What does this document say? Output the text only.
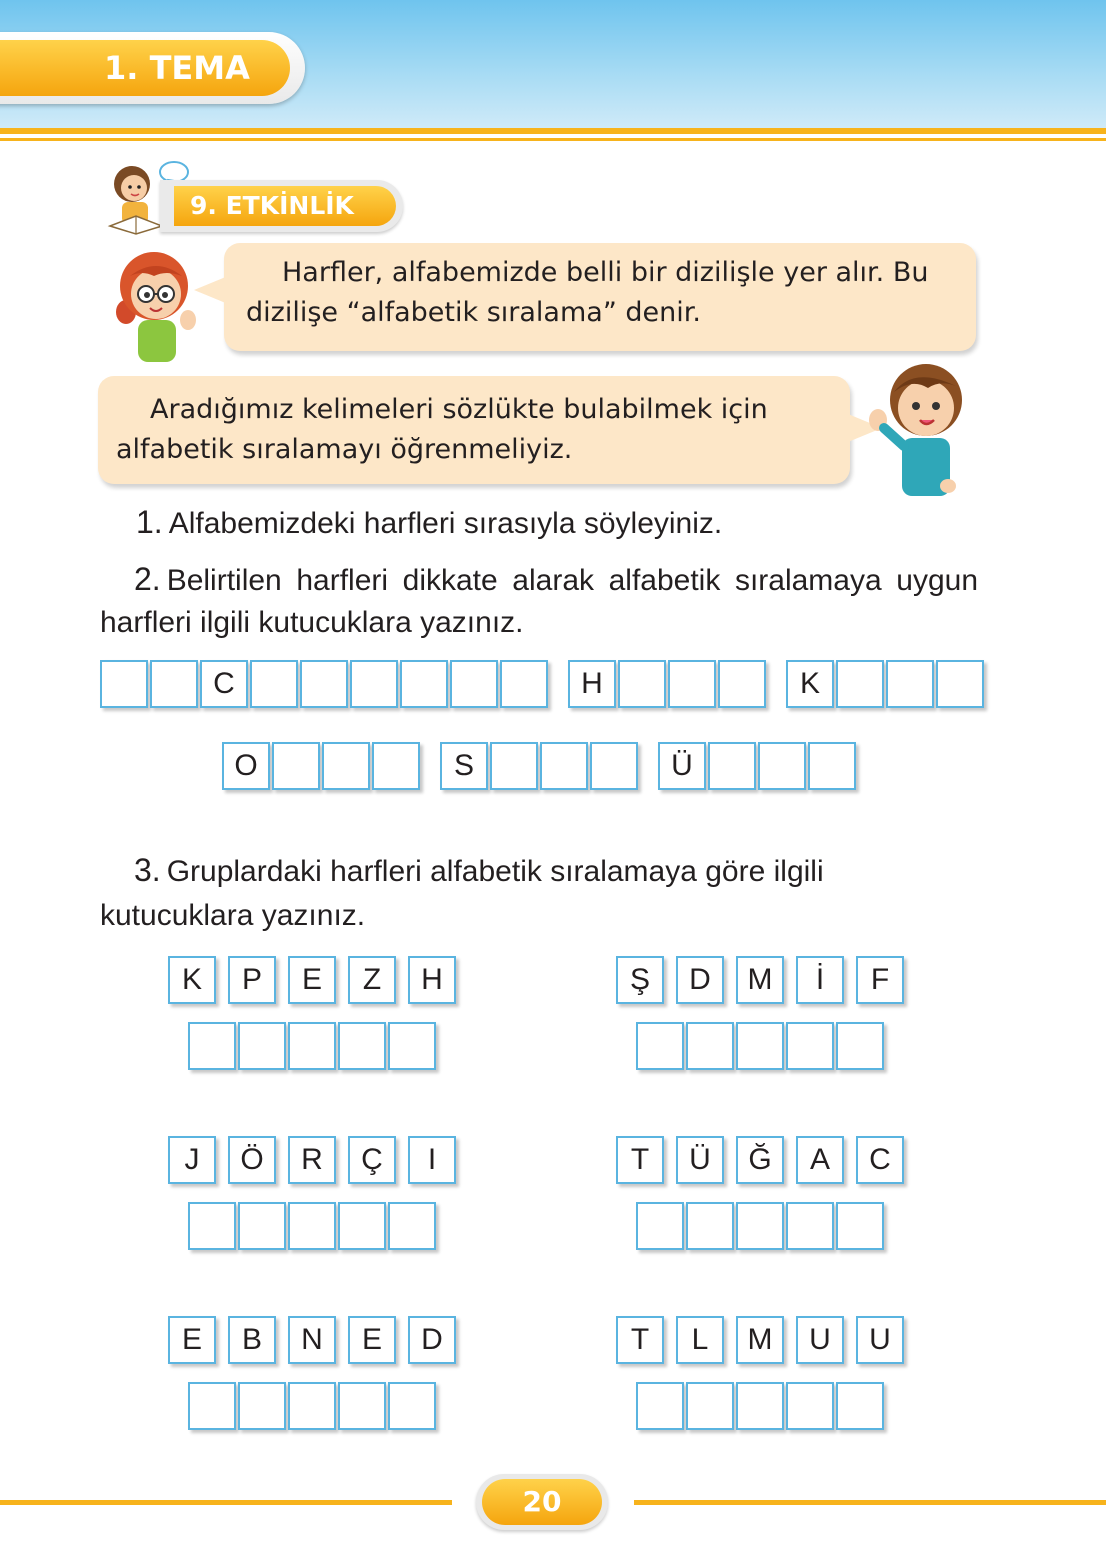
1. TEMA
9. ETKİNLİK

Harfler, alfabemizde belli bir dizilişle yer alır. Bu dizilişe “alfabetik sıralama” denir.

Aradığımız kelimeleri sözlükte bulabilmek için alfabetik sıralamayı öğrenmeliyiz.

1. Alfabemizdeki harfleri sırasıyla söyleyiniz.
2. Belirtilen harfleri dikkate alarak alfabetik sıralamaya uygun harfleri ilgili kutucuklara yazınız.
C	H	K
O	S	Ü
3. Gruplardaki harfleri alfabetik sıralamaya göre ilgili kutucuklara yazınız.
K	P	E	Z	H	Ş	D	M	İ	F
J	Ö	R	Ç	I	T	Ü	Ğ	A	C
E	B	N	E	D	T	L	M	U	U
20
